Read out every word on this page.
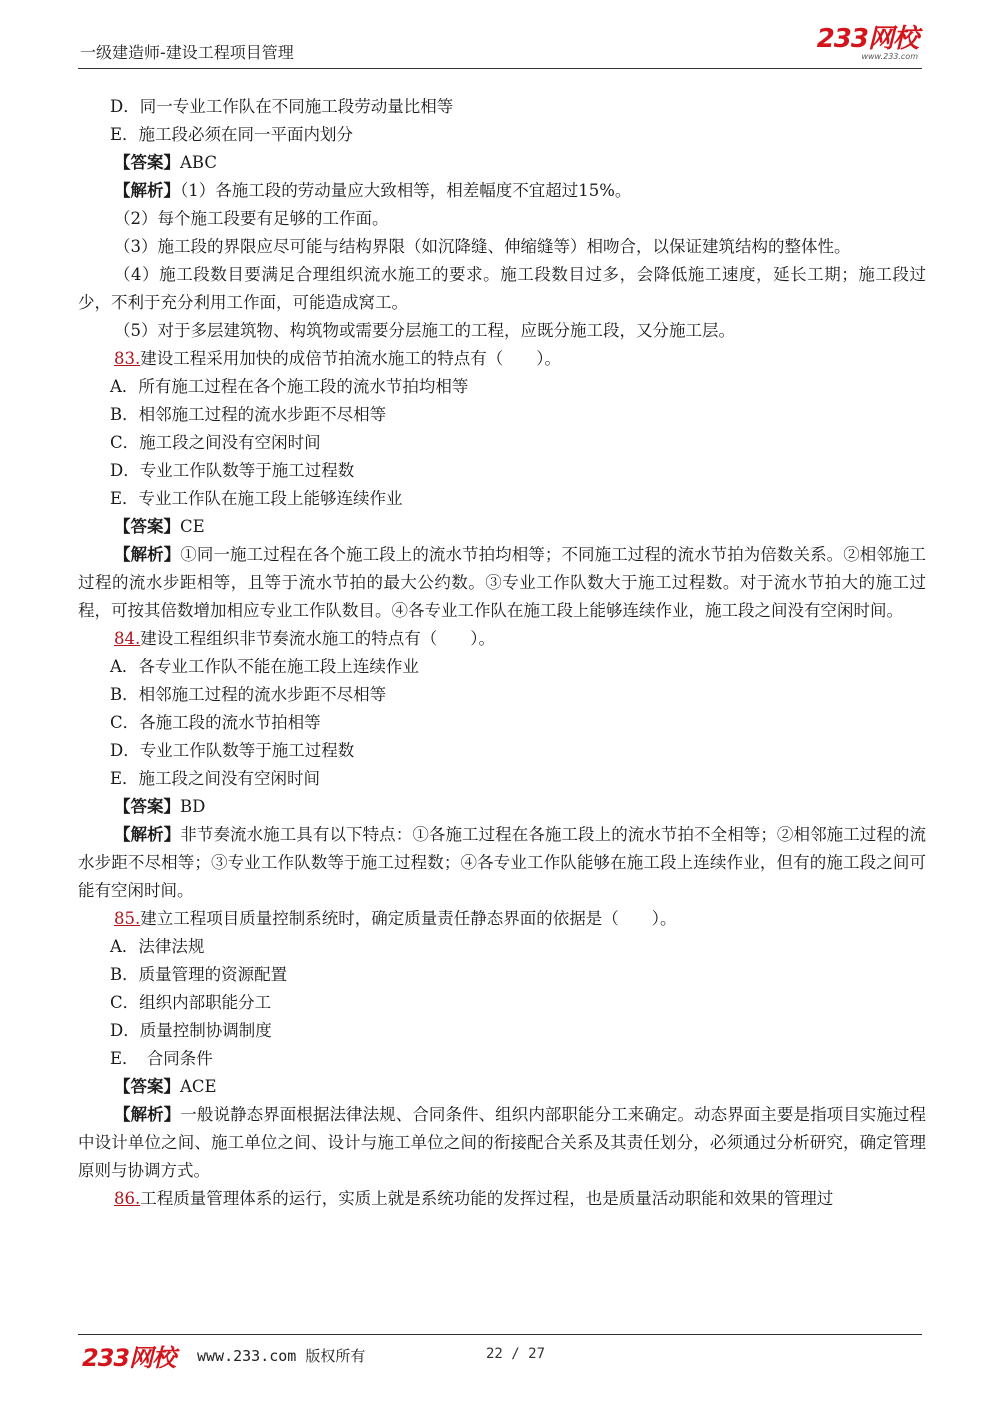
一级建造师-建设工程项目管理	233网校
www.233.com
D．同一专业工作队在不同施工段劳动量比相等
E．施工段必须在同一平面内划分
【答案】ABC
【解析】（1）各施工段的劳动量应大致相等，相差幅度不宜超过15%。
（2）每个施工段要有足够的工作面。
（3）施工段的界限应尽可能与结构界限（如沉降缝、伸缩缝等）相吻合，以保证建筑结构的整体性。
（4）施工段数目要满足合理组织流水施工的要求。施工段数目过多，会降低施工速度，延长工期；施工段过少，不利于充分利用工作面，可能造成窝工。
（5）对于多层建筑物、构筑物或需要分层施工的工程，应既分施工段，又分施工层。
83.建设工程采用加快的成倍节拍流水施工的特点有（　　）。
A．所有施工过程在各个施工段的流水节拍均相等
B．相邻施工过程的流水步距不尽相等
C．施工段之间没有空闲时间
D．专业工作队数等于施工过程数
E．专业工作队在施工段上能够连续作业
【答案】CE
【解析】①同一施工过程在各个施工段上的流水节拍均相等；不同施工过程的流水节拍为倍数关系。②相邻施工过程的流水步距相等，且等于流水节拍的最大公约数。③专业工作队数大于施工过程数。对于流水节拍大的施工过程，可按其倍数增加相应专业工作队数目。④各专业工作队在施工段上能够连续作业，施工段之间没有空闲时间。
84.建设工程组织非节奏流水施工的特点有（　　）。
A．各专业工作队不能在施工段上连续作业
B．相邻施工过程的流水步距不尽相等
C．各施工段的流水节拍相等
D．专业工作队数等于施工过程数
E．施工段之间没有空闲时间
【答案】BD
【解析】非节奏流水施工具有以下特点：①各施工过程在各施工段上的流水节拍不全相等；②相邻施工过程的流水步距不尽相等；③专业工作队数等于施工过程数；④各专业工作队能够在施工段上连续作业，但有的施工段之间可能有空闲时间。
85.建立工程项目质量控制系统时，确定质量责任静态界面的依据是（　　）。
A．法律法规
B．质量管理的资源配置
C．组织内部职能分工
D．质量控制协调制度
E．　合同条件
【答案】ACE
【解析】一般说静态界面根据法律法规、合同条件、组织内部职能分工来确定。动态界面主要是指项目实施过程中设计单位之间、施工单位之间、设计与施工单位之间的衔接配合关系及其责任划分，必须通过分析研究，确定管理原则与协调方式。
86.工程质量管理体系的运行，实质上就是系统功能的发挥过程，也是质量活动职能和效果的管理过
233网校 www.233.com 版权所有	22 / 27
